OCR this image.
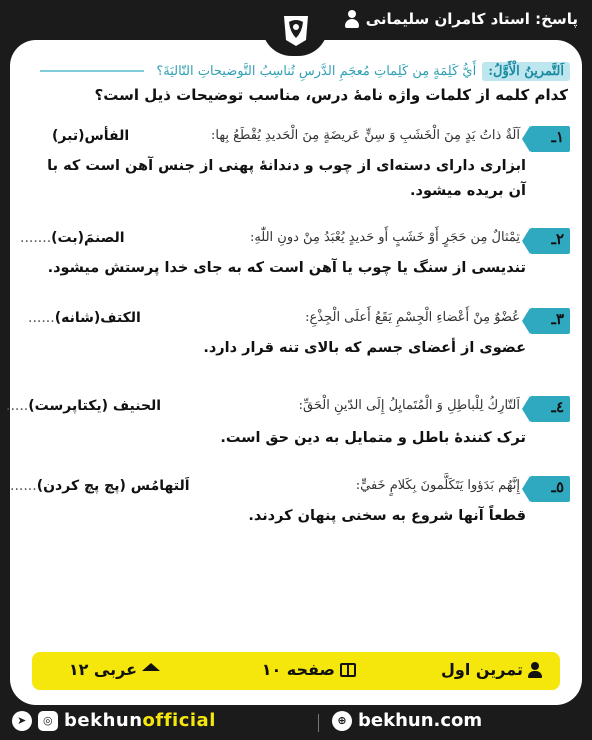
پاسخ: استاد کامران سلیمانی
اَلتَّمرینُ الْأَوَّلُ:
أَيُّ كَلِمَةٍ مِن كَلِماتِ مُعجَمِ الدَّرسِ تُناسِبُ التَّوضيحاتِ التّاليَةَ؟
کدام کلمه از کلمات واژه نامهٔ درس، مناسب توضیحات ذیل است؟
١ـ
آلَةٌ ذاتُ يَدٍ مِنَ الْخَشَبِ وَ سِنٍّ عَريضَةٍ مِنَ الْحَديدِ يُقْطَعُ بِها:
الفأس(تبر)
ابزاری دارای دسته‌ای از چوب و دندانهٔ پهنی از جنس آهن است که با آن بریده میشود.
٢ـ
تِمْثالٌ مِن حَجَرٍ أَوْ خَشَبٍ أَو حَديدٍ يُعْبَدُ مِنْ دونِ اللّٰهِ:
الصنمَ(بت).......
تندیسی از سنگ یا چوب یا آهن است که به جای خدا پرستش میشود.
٣ـ
عُضْوٌ مِنْ أَعْضاءِ الْجِسْمِ يَقَعُ أَعلَى الْجِذْعِ:
الکتف(شانه)......
عضوی از أعضای جسم که بالای تنه قرار دارد.
٤ـ
اَلتّارِكُ لِلْباطِلِ وَ الْمُتَمايِلُ إِلَى الدّينِ الْحَقِّ:
الحنیف (یکتاپرست).....
ترک کنندهٔ باطل و متمایل به دین حق است.
٥ـ
إِنَّهُم بَدَؤوا يَتَكَلَّمونَ بِكَلامٍ خَفيٍّ:
اَلتهامُس (پچ پچ کردن)......
قطعاً آنها شروع به سخنی پنهان کردند.
تمرین اول
صفحه ۱۰
عربی ۱۲
➤	◎ bekhunofficial	⊕ bekhun.com
